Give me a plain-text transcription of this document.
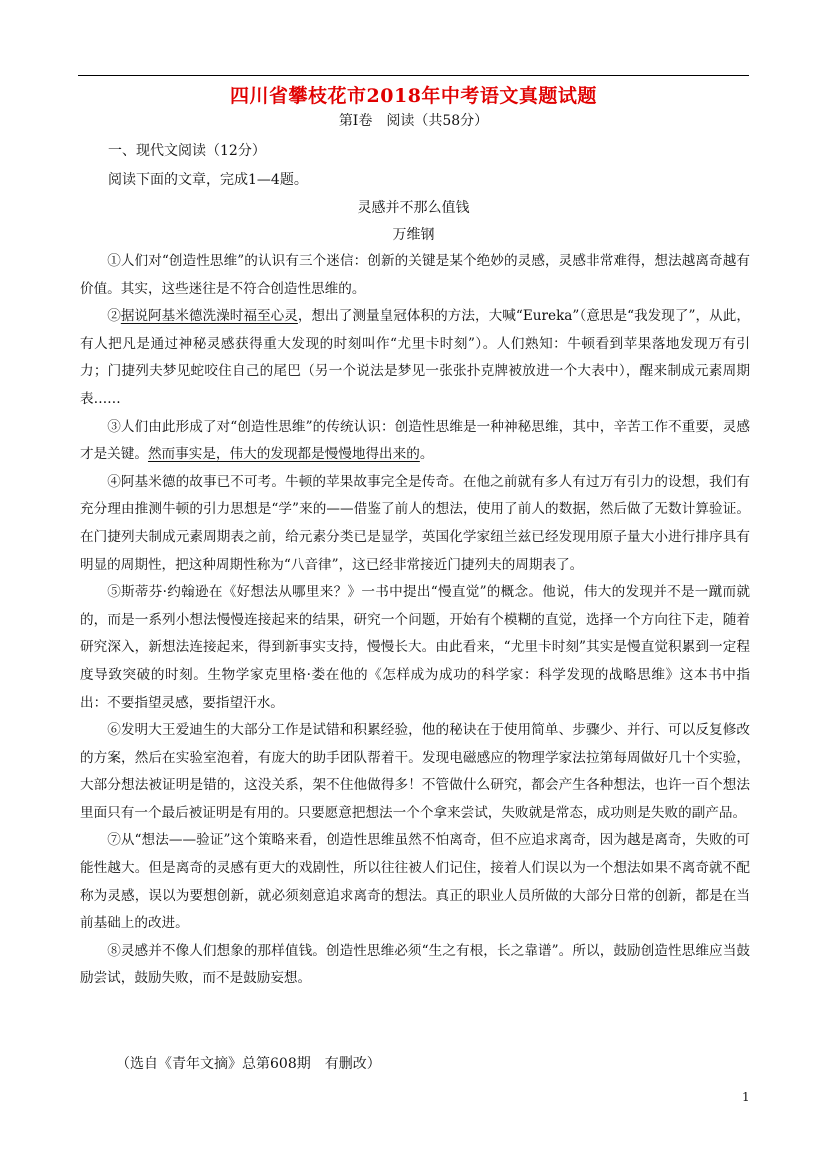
四川省攀枝花市2018年中考语文真题试题
第Ⅰ卷　阅读（共58分）
一、现代文阅读（12分）
阅读下面的文章，完成1—4题。
灵感并不那么值钱
万维钢

①人们对“创造性思维”的认识有三个迷信：创新的关键是某个绝妙的灵感，灵感非常难得，想法越离奇越有价值。其实，这些迷往是不符合创造性思维的。

②据说阿基米德洗澡时福至心灵，想出了测量皇冠体积的方法，大喊“Eureka”（意思是“我发现了”，从此，有人把凡是通过神秘灵感获得重大发现的时刻叫作“尤里卡时刻”）。人们熟知：牛顿看到苹果落地发现万有引力；门捷列夫梦见蛇咬住自己的尾巴（另一个说法是梦见一张张扑克牌被放进一个大表中），醒来制成元素周期表……

③人们由此形成了对“创造性思维”的传统认识：创造性思维是一种神秘思维，其中，辛苦工作不重要，灵感才是关键。然而事实是，伟大的发现都是慢慢地得出来的。

④阿基米德的故事已不可考。牛顿的苹果故事完全是传奇。在他之前就有多人有过万有引力的设想，我们有充分理由推测牛顿的引力思想是“学”来的——借鉴了前人的想法，使用了前人的数据，然后做了无数计算验证。在门捷列夫制成元素周期表之前，给元素分类已是显学，英国化学家纽兰兹已经发现用原子量大小进行排序具有明显的周期性，把这种周期性称为“八音律”，这已经非常接近门捷列夫的周期表了。

⑤斯蒂芬·约翰逊在《好想法从哪里来？》一书中提出“慢直觉”的概念。他说，伟大的发现并不是一蹴而就的，而是一系列小想法慢慢连接起来的结果，研究一个问题，开始有个模糊的直觉，选择一个方向往下走，随着研究深入，新想法连接起来，得到新事实支持，慢慢长大。由此看来，“尤里卡时刻”其实是慢直觉积累到一定程度导致突破的时刻。生物学家克里格·娄在他的《怎样成为成功的科学家：科学发现的战略思维》这本书中指出：不要指望灵感，要指望汗水。

⑥发明大王爱迪生的大部分工作是试错和积累经验，他的秘诀在于使用简单、步骤少、并行、可以反复修改的方案，然后在实验室泡着，有庞大的助手团队帮着干。发现电磁感应的物理学家法拉第每周做好几十个实验，大部分想法被证明是错的，这没关系，架不住他做得多！不管做什么研究，都会产生各种想法，也许一百个想法里面只有一个最后被证明是有用的。只要愿意把想法一个个拿来尝试，失败就是常态，成功则是失败的副产品。

⑦从“想法——验证”这个策略来看，创造性思维虽然不怕离奇，但不应追求离奇，因为越是离奇，失败的可能性越大。但是离奇的灵感有更大的戏剧性，所以往往被人们记住，接着人们误以为一个想法如果不离奇就不配称为灵感，误以为要想创新，就必须刻意追求离奇的想法。真正的职业人员所做的大部分日常的创新，都是在当前基础上的改进。

⑧灵感并不像人们想象的那样值钱。创造性思维必须“生之有根，长之靠谱”。所以，鼓励创造性思维应当鼓励尝试，鼓励失败，而不是鼓励妄想。

（选自《青年文摘》总第608期　有删改）
1
